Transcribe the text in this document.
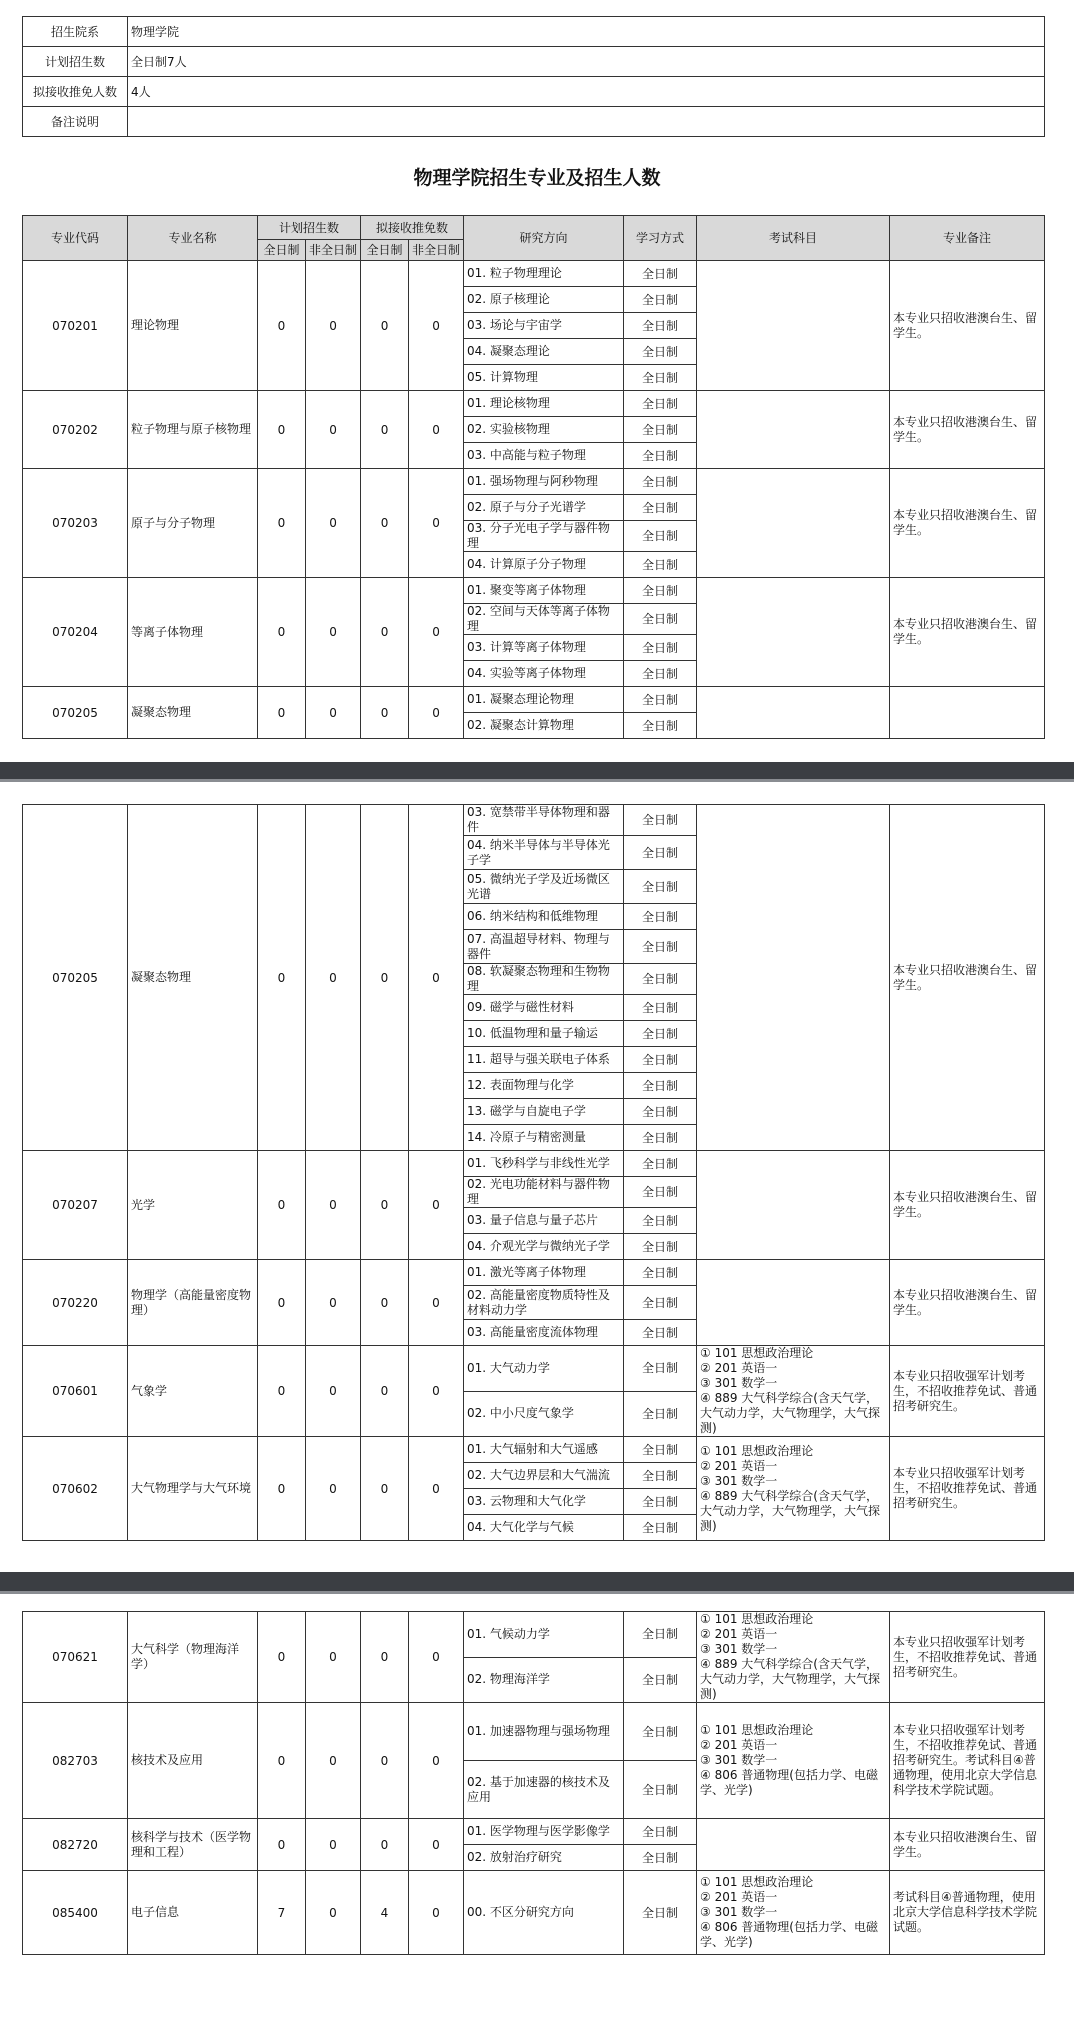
招生院系	物理学院
计划招生数	全日制7人
拟接收推免人数	4人
备注说明	
物理学院招生专业及招生人数
专业代码	专业名称	计划招生数		拟接收推免数		研究方向	学习方式	考试科目	专业备注
		全日制	非全日制	全日制	非全日制				
070201	理论物理	0	0	0	0	01. 粒子物理理论	全日制		本专业只招收港澳台生、留学生。
						02. 原子核理论	全日制		
						03. 场论与宇宙学	全日制		
						04. 凝聚态理论	全日制		
						05. 计算物理	全日制		
070202	粒子物理与原子核物理	0	0	0	0	01. 理论核物理	全日制		本专业只招收港澳台生、留学生。
						02. 实验核物理	全日制		
						03. 中高能与粒子物理	全日制		
070203	原子与分子物理	0	0	0	0	01. 强场物理与阿秒物理	全日制		本专业只招收港澳台生、留学生。
						02. 原子与分子光谱学	全日制		
						03. 分子光电子学与器件物理	全日制		
						04. 计算原子分子物理	全日制		
070204	等离子体物理	0	0	0	0	01. 聚变等离子体物理	全日制		本专业只招收港澳台生、留学生。
						02. 空间与天体等离子体物理	全日制		
						03. 计算等离子体物理	全日制		
						04. 实验等离子体物理	全日制		
070205	凝聚态物理	0	0	0	0	01. 凝聚态理论物理	全日制		
						02. 凝聚态计算物理	全日制		
070205	凝聚态物理	0	0	0	0	03. 宽禁带半导体物理和器件	全日制		本专业只招收港澳台生、留学生。
						04. 纳米半导体与半导体光子学	全日制		
						05. 微纳光子学及近场微区光谱	全日制		
						06. 纳米结构和低维物理	全日制		
						07. 高温超导材料、物理与器件	全日制		
						08. 软凝聚态物理和生物物理	全日制		
						09. 磁学与磁性材料	全日制		
						10. 低温物理和量子输运	全日制		
						11. 超导与强关联电子体系	全日制		
						12. 表面物理与化学	全日制		
						13. 磁学与自旋电子学	全日制		
						14. 冷原子与精密测量	全日制		
070207	光学	0	0	0	0	01. 飞秒科学与非线性光学	全日制		本专业只招收港澳台生、留学生。
						02. 光电功能材料与器件物理	全日制		
						03. 量子信息与量子芯片	全日制		
						04. 介观光学与微纳光子学	全日制		
070220	物理学（高能量密度物理）	0	0	0	0	01. 激光等离子体物理	全日制		本专业只招收港澳台生、留学生。
						02. 高能量密度物质特性及材料动力学	全日制		
						03. 高能量密度流体物理	全日制		
070601	气象学	0	0	0	0	01. 大气动力学	全日制	① 101 思想政治理论
② 201 英语一
③ 301 数学一
④ 889 大气科学综合(含天气学，大气动力学，大气物理学，大气探测)	本专业只招收强军计划考生，不招收推荐免试、普通招考研究生。
						02. 中小尺度气象学	全日制		
070602	大气物理学与大气环境	0	0	0	0	01. 大气辐射和大气遥感	全日制	① 101 思想政治理论
② 201 英语一
③ 301 数学一
④ 889 大气科学综合(含天气学，大气动力学，大气物理学，大气探测)	本专业只招收强军计划考生，不招收推荐免试、普通招考研究生。
						02. 大气边界层和大气湍流	全日制		
						03. 云物理和大气化学	全日制		
						04. 大气化学与气候	全日制		
070621	大气科学（物理海洋学）	0	0	0	0	01. 气候动力学	全日制	① 101 思想政治理论
② 201 英语一
③ 301 数学一
④ 889 大气科学综合(含天气学，大气动力学，大气物理学，大气探测)	本专业只招收强军计划考生，不招收推荐免试、普通招考研究生。
						02. 物理海洋学	全日制		
082703	核技术及应用	0	0	0	0	01. 加速器物理与强场物理	全日制	① 101 思想政治理论
② 201 英语一
③ 301 数学一
④ 806 普通物理(包括力学、电磁学、光学)	本专业只招收强军计划考生，不招收推荐免试、普通招考研究生。考试科目④普通物理，使用北京大学信息科学技术学院试题。
						02. 基于加速器的核技术及应用	全日制		
082720	核科学与技术（医学物理和工程）	0	0	0	0	01. 医学物理与医学影像学	全日制		本专业只招收港澳台生、留学生。
						02. 放射治疗研究	全日制		
085400	电子信息	7	0	4	0	00. 不区分研究方向	全日制	① 101 思想政治理论
② 201 英语一
③ 301 数学一
④ 806 普通物理(包括力学、电磁学、光学)	考试科目④普通物理，使用北京大学信息科学技术学院试题。
